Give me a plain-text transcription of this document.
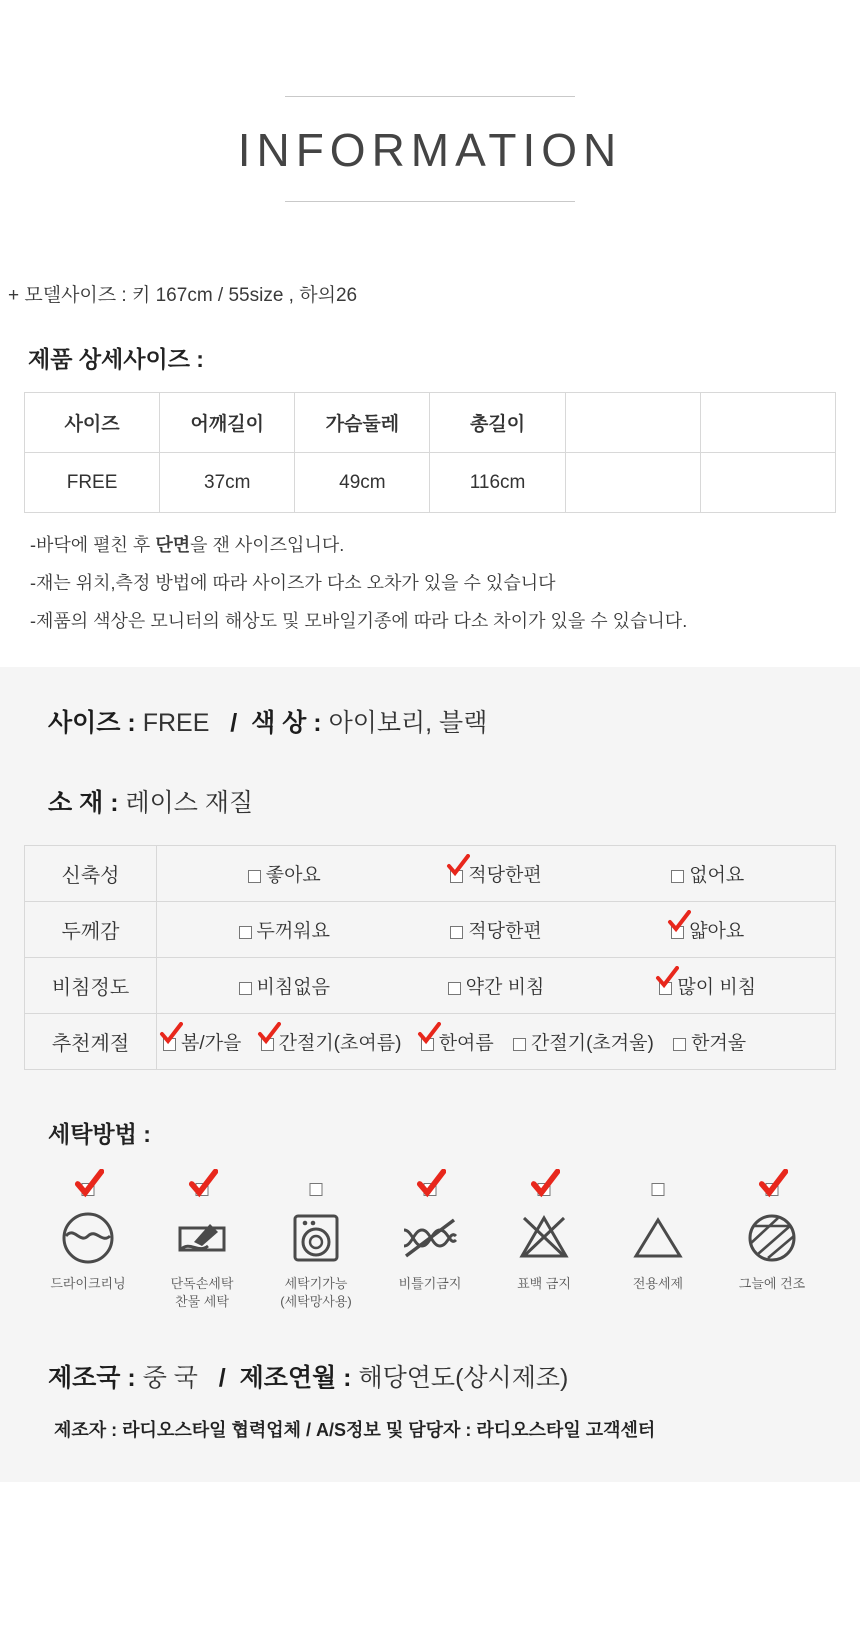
INFORMATION
+ 모델사이즈 : 키 167cm / 55size , 하의26
제품 상세사이즈 :
사이즈	어깨길이	가슴둘레	총길이		
FREE	37cm	49cm	116cm		

-바닥에 펼친 후 단면을 잰 사이즈입니다.

-재는 위치,측정 방법에 따라 사이즈가 다소 오차가 있을 수 있습니다

-제품의 색상은 모니터의 해상도 및 모바일기종에 따라 다소 차이가 있을 수 있습니다.

사이즈 : FREE / 색 상 : 아이보리, 블랙
소 재 : 레이스 재질
신축성	좋아요 적당한편 없어요
두께감	두꺼워요 적당한편 얇아요
비침정도	비침없음 약간 비침 많이 비침
추천계절	봄/가을 간절기(초여름) 한여름 간절기(초겨울) 한겨울
세탁방법 :
드라이크리닝	단독손세탁
찬물 세탁
세탁기가능
(세탁망사용)
비틀기금지	표백 금지	전용세제	그늘에 건조
제조국 : 중 국 / 제조연월 : 해당연도(상시제조)
제조자 : 라디오스타일 협력업체 / A/S정보 및 담당자 : 라디오스타일 고객센터
